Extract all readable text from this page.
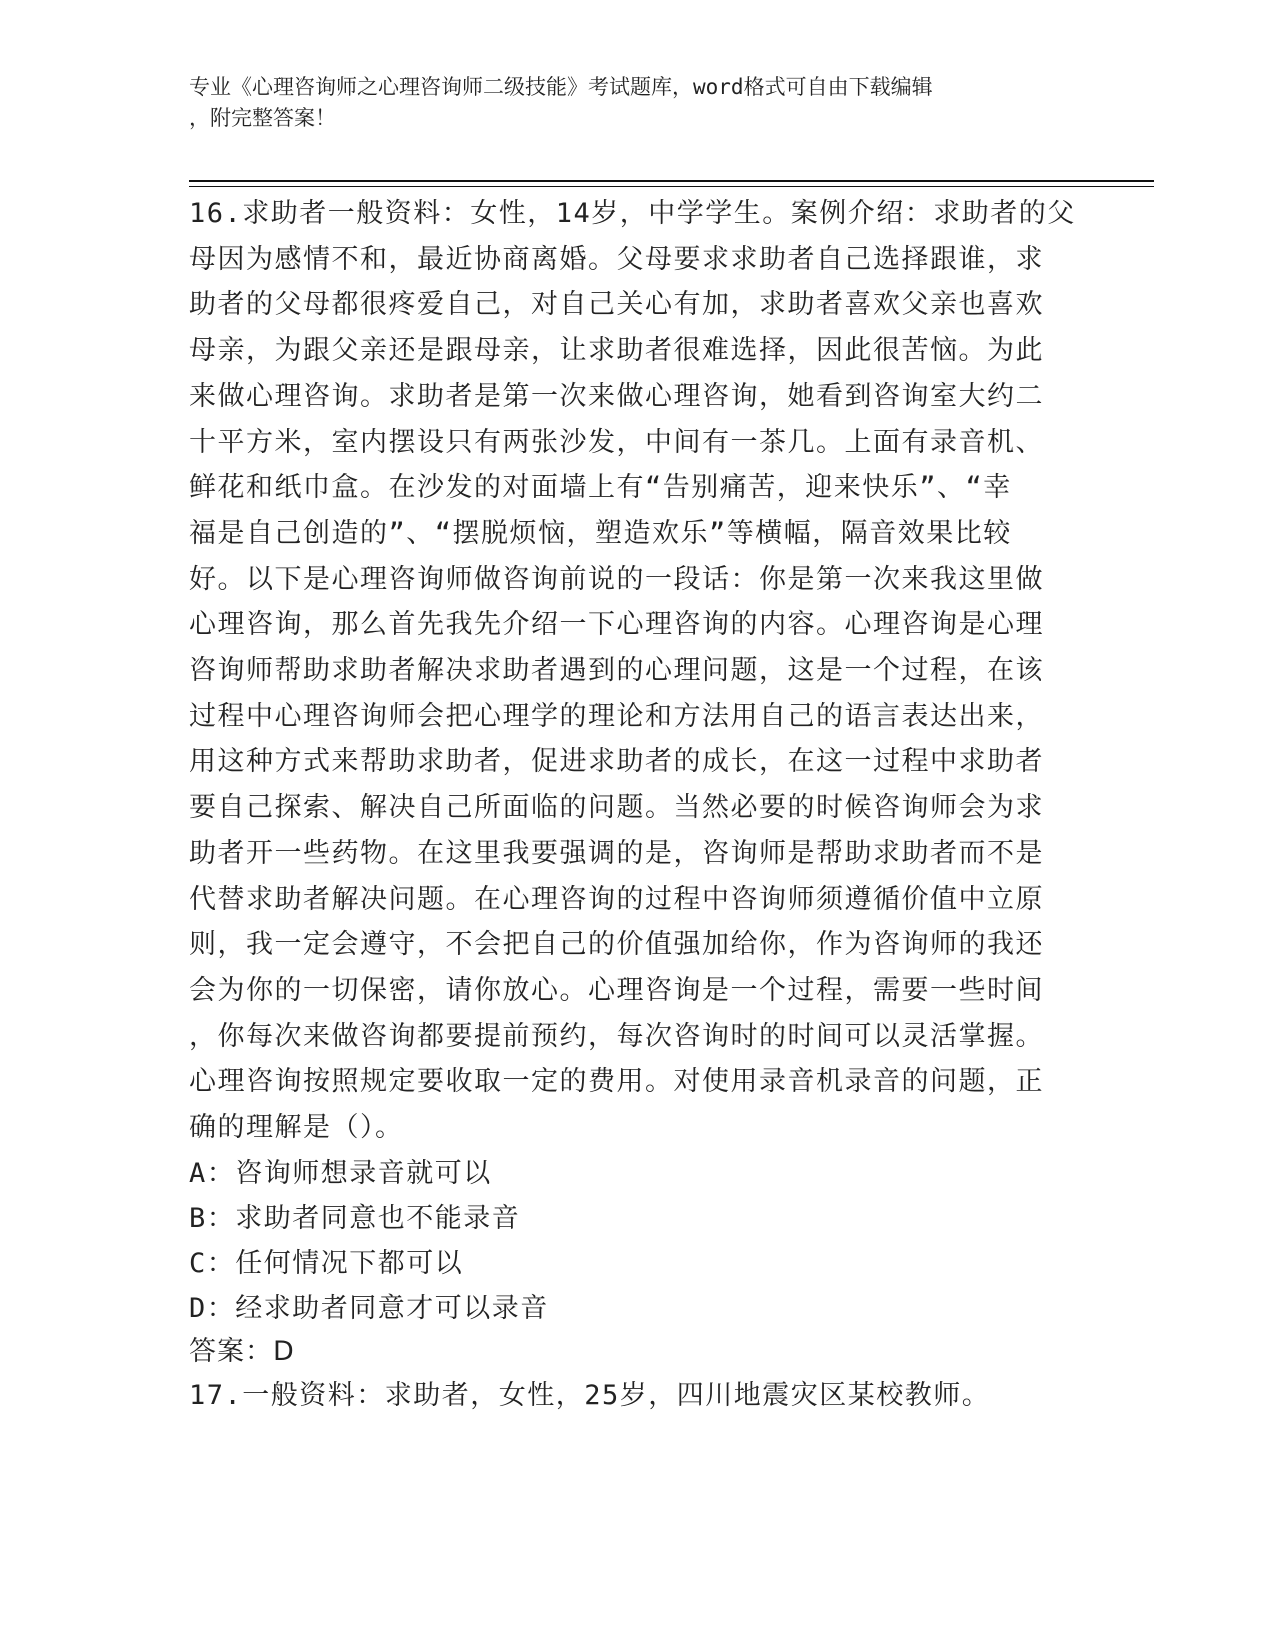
专业《心理咨询师之心理咨询师二级技能》考试题库，word格式可自由下载编辑

，附完整答案！

16.求助者一般资料：女性，14岁，中学学生。案例介绍：求助者的父

母因为感情不和，最近协商离婚。父母要求求助者自己选择跟谁，求

助者的父母都很疼爱自己，对自己关心有加，求助者喜欢父亲也喜欢

母亲，为跟父亲还是跟母亲，让求助者很难选择，因此很苦恼。为此

来做心理咨询。求助者是第一次来做心理咨询，她看到咨询室大约二

十平方米，室内摆设只有两张沙发，中间有一茶几。上面有录音机、

鲜花和纸巾盒。在沙发的对面墙上有“告别痛苦，迎来快乐”、“幸

福是自己创造的”、“摆脱烦恼，塑造欢乐”等横幅，隔音效果比较

好。以下是心理咨询师做咨询前说的一段话：你是第一次来我这里做

心理咨询，那么首先我先介绍一下心理咨询的内容。心理咨询是心理

咨询师帮助求助者解决求助者遇到的心理问题，这是一个过程，在该

过程中心理咨询师会把心理学的理论和方法用自己的语言表达出来，

用这种方式来帮助求助者，促进求助者的成长，在这一过程中求助者

要自己探索、解决自己所面临的问题。当然必要的时候咨询师会为求

助者开一些药物。在这里我要强调的是，咨询师是帮助求助者而不是

代替求助者解决问题。在心理咨询的过程中咨询师须遵循价值中立原

则，我一定会遵守，不会把自己的价值强加给你，作为咨询师的我还

会为你的一切保密，请你放心。心理咨询是一个过程，需要一些时间

，你每次来做咨询都要提前预约，每次咨询时的时间可以灵活掌握。

心理咨询按照规定要收取一定的费用。对使用录音机录音的问题，正

确的理解是（）。

A：咨询师想录音就可以

B：求助者同意也不能录音

C：任何情况下都可以

D：经求助者同意才可以录音

答案：D

17.一般资料：求助者，女性，25岁，四川地震灾区某校教师。
